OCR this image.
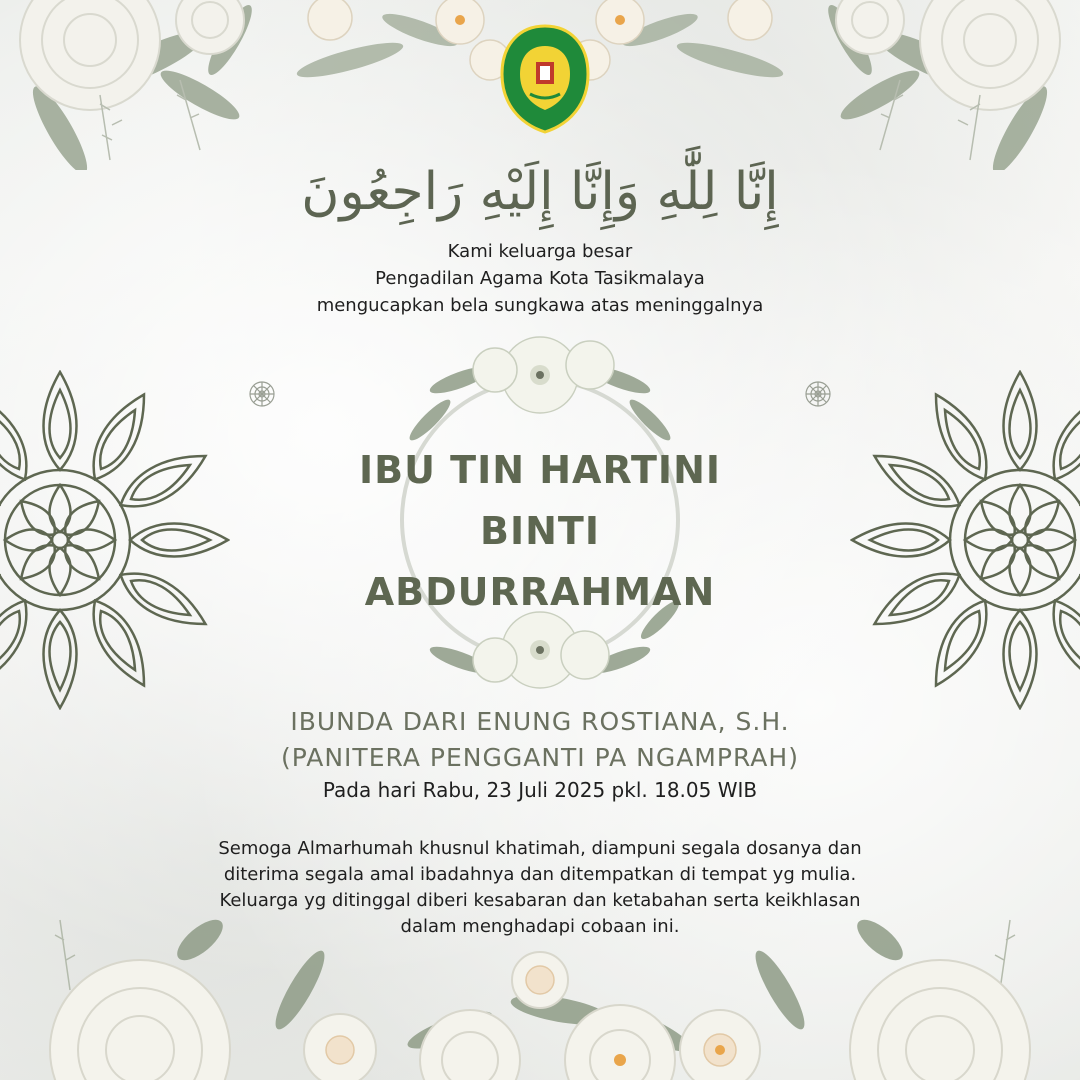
إِنَّا لِلَّٰهِ وَإِنَّا إِلَيْهِ رَاجِعُونَ
Kami keluarga besar
Pengadilan Agama Kota Tasikmalaya
mengucapkan bela sungkawa atas meninggalnya
IBU TIN HARTINI
BINTI
ABDURRAHMAN
IBUNDA DARI ENUNG ROSTIANA, S.H.
(PANITERA PENGGANTI PA NGAMPRAH)
Pada hari Rabu, 23 Juli 2025 pkl. 18.05 WIB
Semoga Almarhumah khusnul khatimah, diampuni segala dosanya dan
diterima segala amal ibadahnya dan ditempatkan di tempat yg mulia.
Keluarga yg ditinggal diberi kesabaran dan ketabahan serta keikhlasan
dalam menghadapi cobaan ini.
